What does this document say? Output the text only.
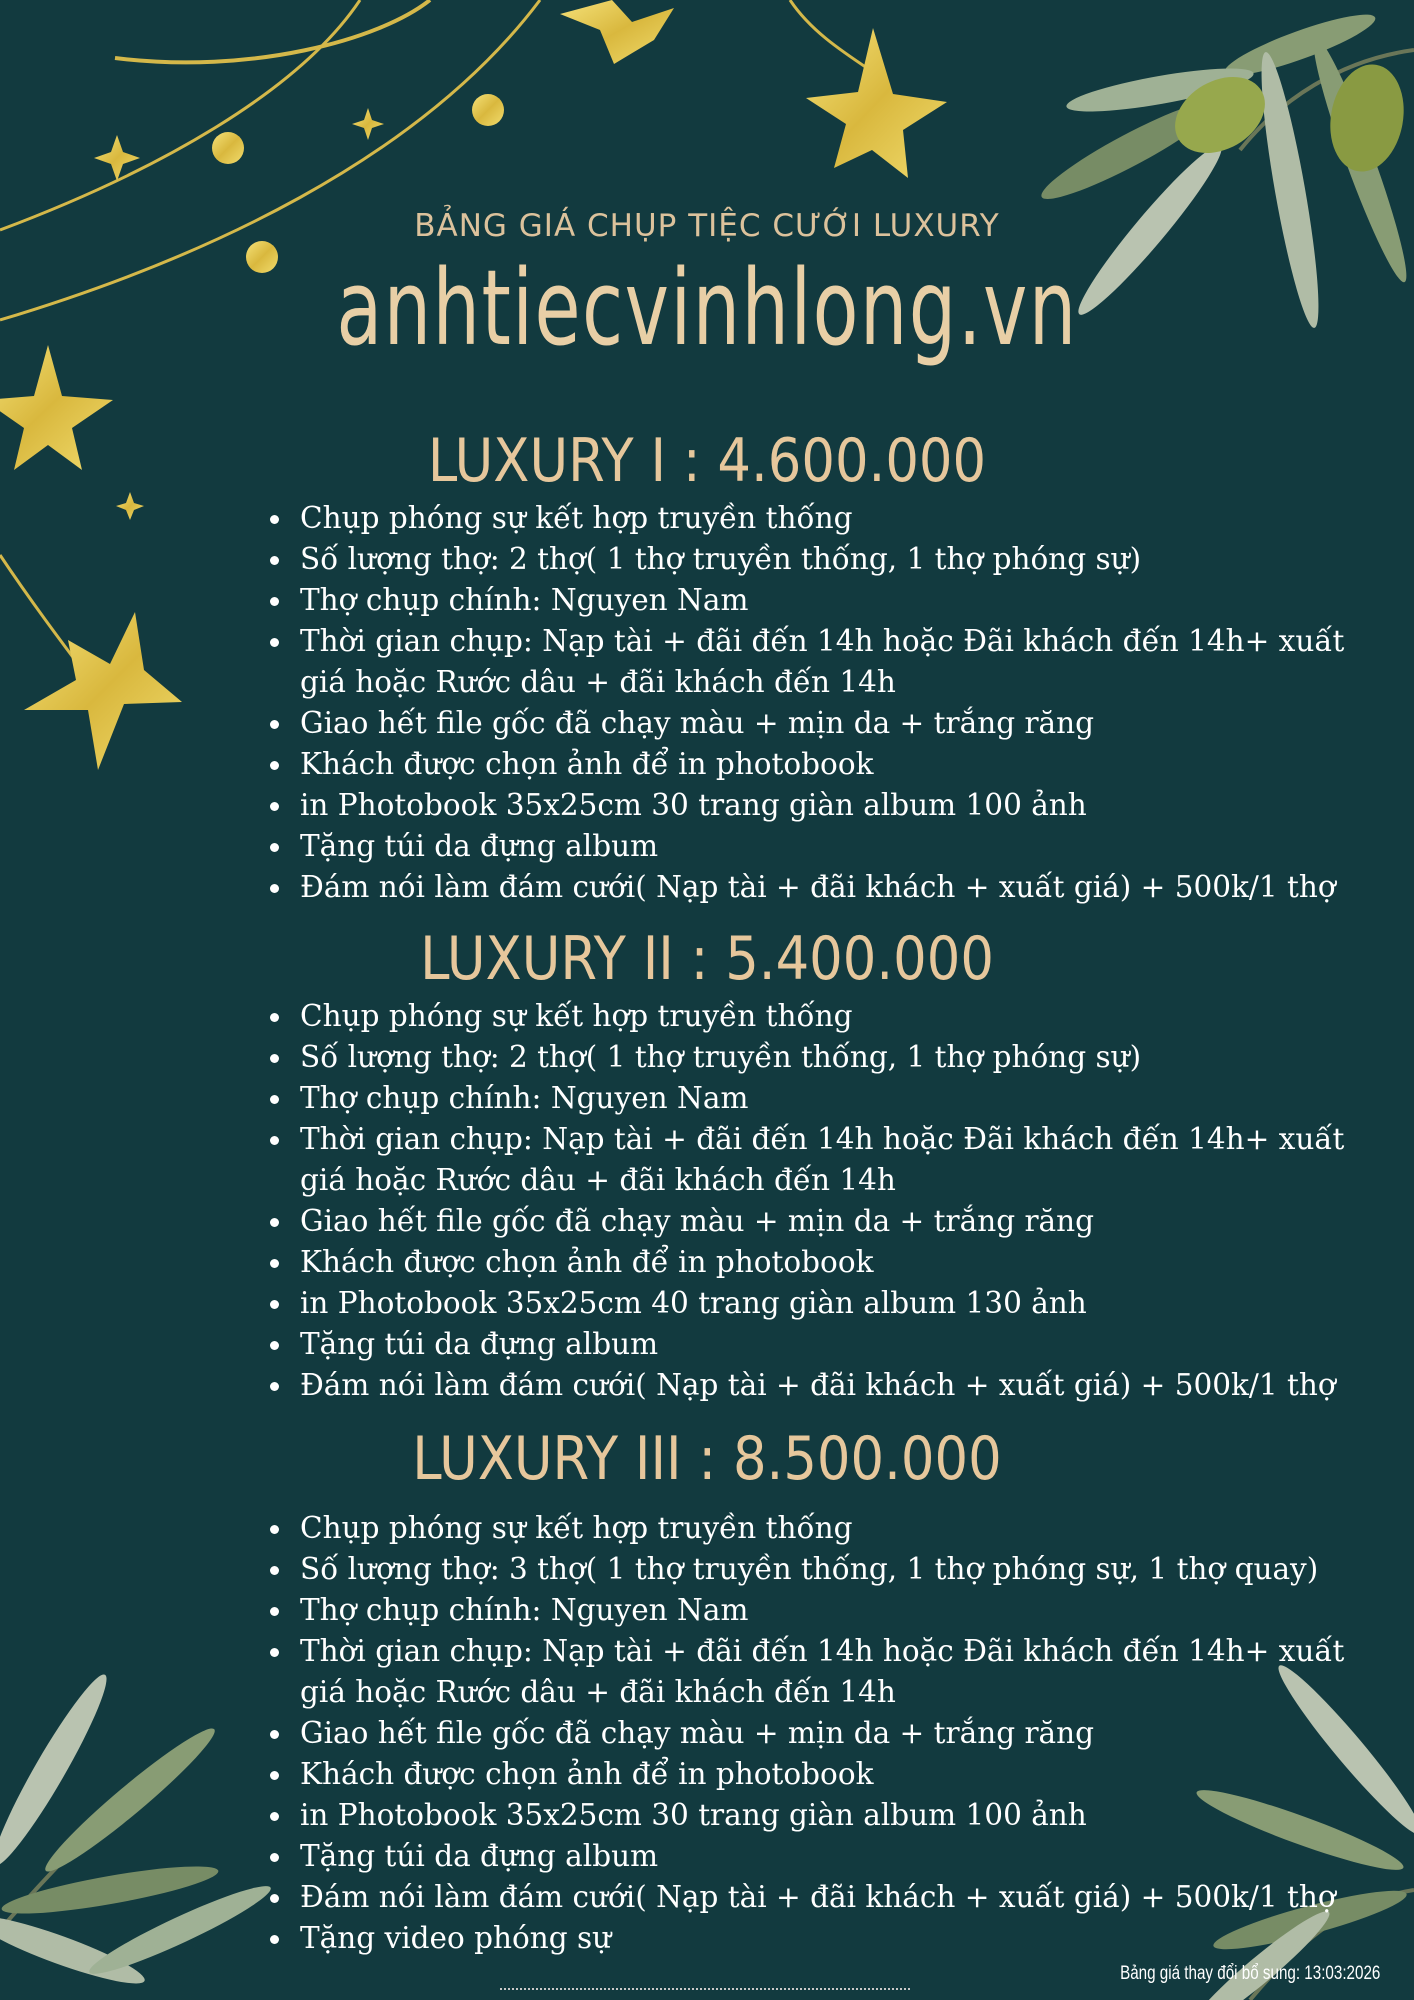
BẢNG GIÁ CHỤP TIỆC CƯỚI LUXURY
anhtiecvinhlong.vn
LUXURY I : 4.600.000
Chụp phóng sự kết hợp truyền thống
Số lượng thợ: 2 thợ( 1 thợ truyền thống, 1 thợ phóng sự)
Thợ chụp chính: Nguyen Nam
Thời gian chụp: Nạp tài + đãi đến 14h hoặc Đãi khách đến 14h+ xuất
giá hoặc Rước dâu + đãi khách đến 14h
Giao hết file gốc đã chạy màu + mịn da + trắng răng
Khách được chọn ảnh để in photobook
in Photobook 35x25cm 30 trang giàn album 100 ảnh
Tặng túi da đựng album
Đám nói làm đám cưới( Nạp tài + đãi khách + xuất giá) + 500k/1 thợ
LUXURY II : 5.400.000
Chụp phóng sự kết hợp truyền thống
Số lượng thợ: 2 thợ( 1 thợ truyền thống, 1 thợ phóng sự)
Thợ chụp chính: Nguyen Nam
Thời gian chụp: Nạp tài + đãi đến 14h hoặc Đãi khách đến 14h+ xuất
giá hoặc Rước dâu + đãi khách đến 14h
Giao hết file gốc đã chạy màu + mịn da + trắng răng
Khách được chọn ảnh để in photobook
in Photobook 35x25cm 40 trang giàn album 130 ảnh
Tặng túi da đựng album
Đám nói làm đám cưới( Nạp tài + đãi khách + xuất giá) + 500k/1 thợ
LUXURY III : 8.500.000
Chụp phóng sự kết hợp truyền thống
Số lượng thợ: 3 thợ( 1 thợ truyền thống, 1 thợ phóng sự, 1 thợ quay)
Thợ chụp chính: Nguyen Nam
Thời gian chụp: Nạp tài + đãi đến 14h hoặc Đãi khách đến 14h+ xuất
giá hoặc Rước dâu + đãi khách đến 14h
Giao hết file gốc đã chạy màu + mịn da + trắng răng
Khách được chọn ảnh để in photobook
in Photobook 35x25cm 30 trang giàn album 100 ảnh
Tặng túi da đựng album
Đám nói làm đám cưới( Nạp tài + đãi khách + xuất giá) + 500k/1 thợ
Tặng video phóng sự
Bảng giá thay đổi bổ sung: 13:03:2026
